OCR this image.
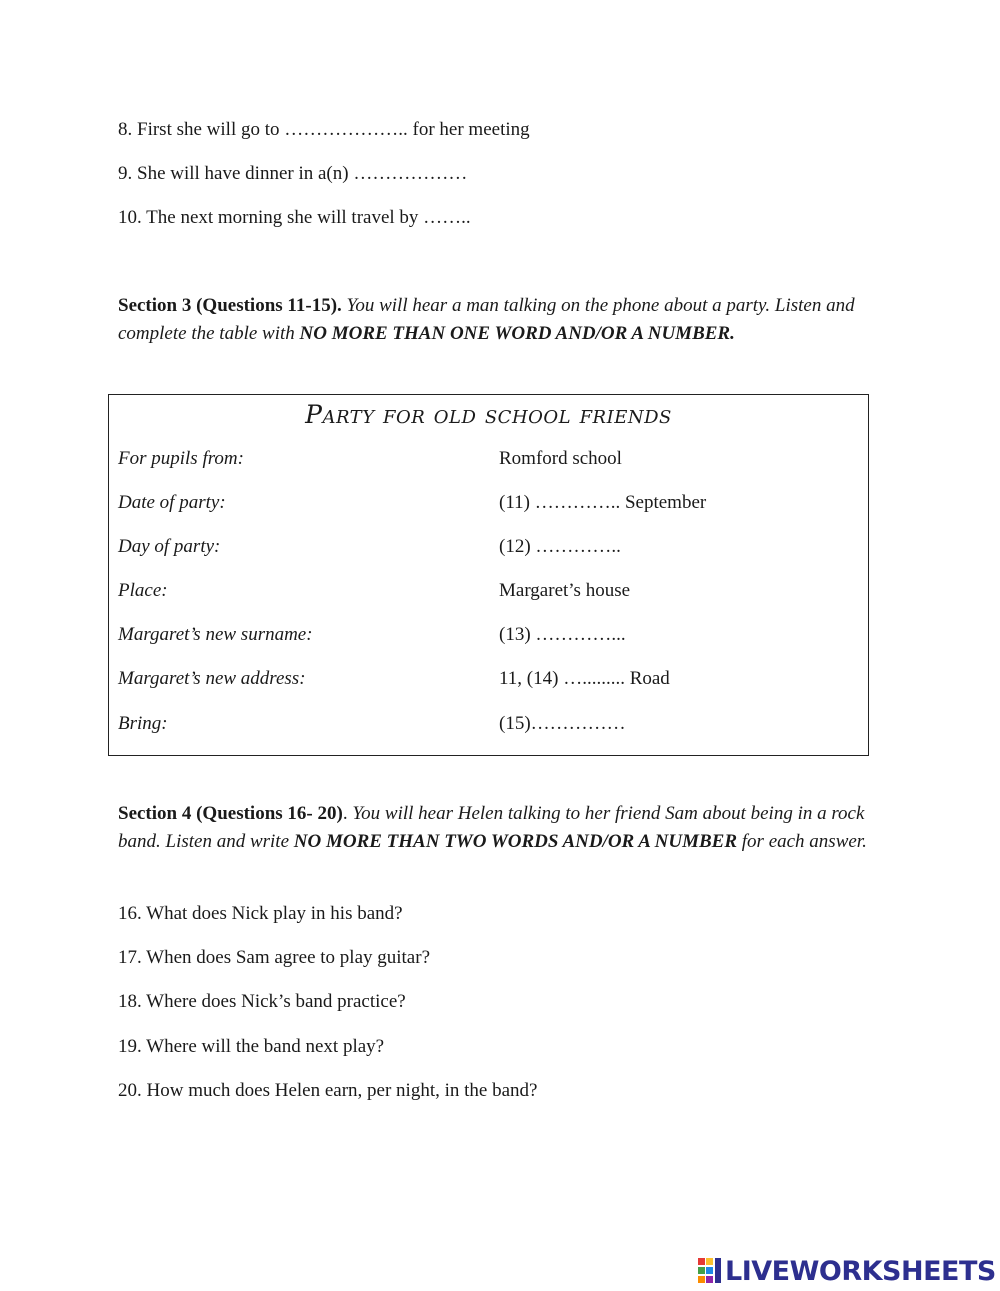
8. First she will go to ……………….. for her meeting
9. She will have dinner in a(n) ………………
10. The next morning she will travel by ……..
Section 3 (Questions 11-15). You will hear a man talking on the phone about a party. Listen and complete the table with NO MORE THAN ONE WORD AND/OR A NUMBER.
Party for old school friends
For pupils from:	Romford school
Date of party:	(11) ………….. September
Day of party:	(12) …………..
Place:	Margaret’s house
Margaret’s new surname:	(13) …………...
Margaret’s new address:	11, (14) …......... Road
Bring:	(15)……………
Section 4 (Questions 16- 20). You will hear Helen talking to her friend Sam about being in a rock band. Listen and write NO MORE THAN TWO WORDS AND/OR A NUMBER for each answer.
16. What does Nick play in his band?
17. When does Sam agree to play guitar?
18. Where does Nick’s band practice?
19. Where will the band next play?
20. How much does Helen earn, per night, in the band?
LIVEWORKSHEETS
